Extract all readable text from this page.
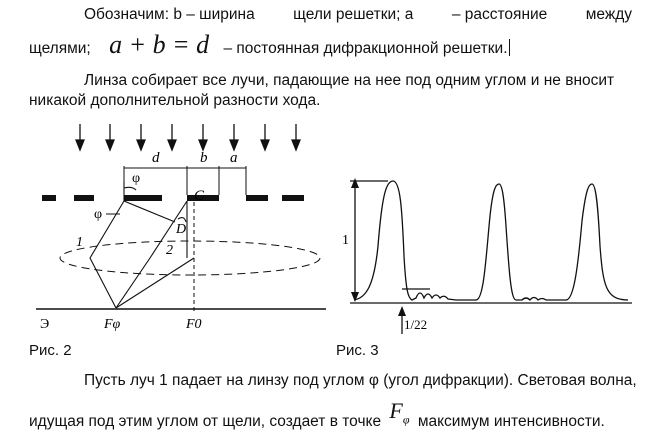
Обозначим: b – ширина щели решетки; a – расстояние между
щелями; a + b = d – постоянная дифракционной решетки.
Линза собирает все лучи, падающие на нее под одним углом и не вносит
никакой дополнительной разности хода.
d	b a
C
φ
φ
D
1
2
Э	Fφ	F0
Рис. 2
1
1/22
Рис. 3
Пусть луч 1 падает на линзу под углом φ (угол дифракции). Световая волна,
идущая под этим углом от щели, создает в точке $F_\varphi$ максимум интенсивности.
